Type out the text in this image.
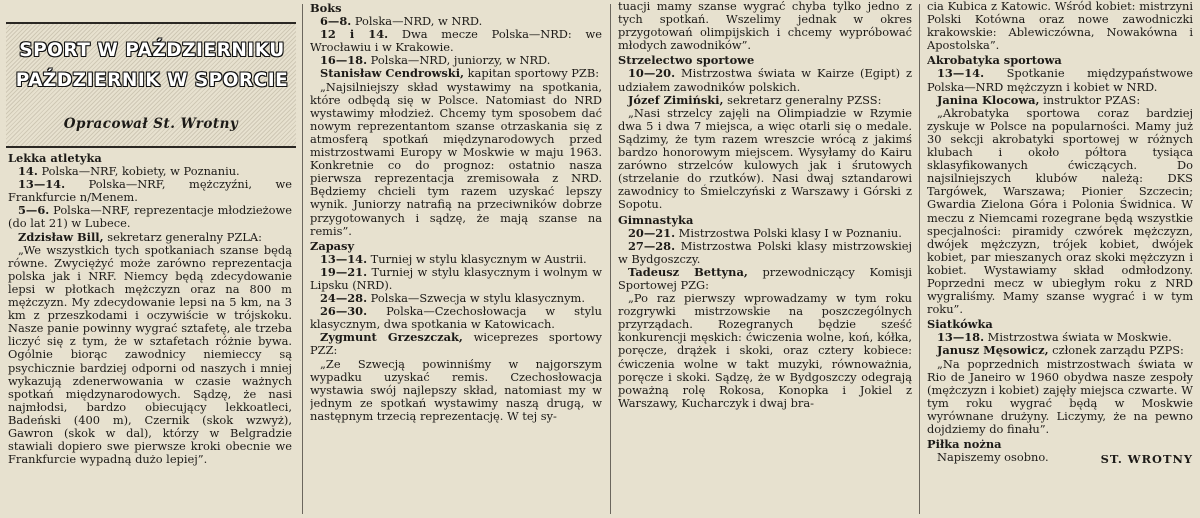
SPORT W PAŹDZIERNIKU
PAŹDZIERNIK W SPORCIE
Opracował St. Wrotny
Lekka atletyka

14. Polska—NRF, kobiety, w Poznaniu.

13—14. Polska—NRF, mężczyźni, we Frankfurcie n/Menem.

5—6. Polska—NRF, reprezentacje młodzieżowe (do lat 21) w Lubece.

Zdzisław Bill, sekretarz generalny PZLA:

„We wszystkich tych spotkaniach szanse będą równe. Zwyciężyć może zarówno reprezentacja polska jak i NRF. Niemcy będą zdecydowanie lepsi w płotkach mężczyzn oraz na 800 m mężczyzn. My zdecydowanie lepsi na 5 km, na 3 km z przeszkodami i oczywiście w trójskoku. Nasze panie powinny wygrać sztafetę, ale trzeba liczyć się z tym, że w sztafetach różnie bywa. Ogólnie biorąc zawodnicy niemieccy są psychicznie bardziej odporni od naszych i mniej wykazują zdenerwowania w czasie ważnych spotkań międzynarodowych. Sądzę, że nasi najmłodsi, bardzo obiecujący lekkoatleci, Badeński (400 m), Czernik (skok wzwyż), Gawron (skok w dal), którzy w Belgradzie stawiali dopiero swe pierwsze kroki obecnie we Frankfurcie wypadną dużo lepiej”.

Boks

6—8. Polska—NRD, w NRD.

12 i 14. Dwa mecze Polska—NRD: we Wrocławiu i w Krakowie.

16—18. Polska—NRD, juniorzy, w NRD.

Stanisław Cendrowski, kapitan sportowy PZB:

„Najsilniejszy skład wystawimy na spotkania, które odbędą się w Polsce. Natomiast do NRD wystawimy młodzież. Chcemy tym sposobem dać nowym reprezentantom szanse otrzaskania się z atmosferą spotkań międzynarodowych przed mistrzostwami Europy w Moskwie w maju 1963. Konkretnie co do prognoz: ostatnio nasza pierwsza reprezentacja zremisowała z NRD. Będziemy chcieli tym razem uzyskać lepszy wynik. Juniorzy natrafią na przeciwników dobrze przygotowanych i sądzę, że mają szanse na remis”.

Zapasy

13—14. Turniej w stylu klasycznym w Austrii.

19—21. Turniej w stylu klasycznym i wolnym w Lipsku (NRD).

24—28. Polska—Szwecja w stylu klasycznym.

26—30. Polska—Czechosłowacja w stylu klasycznym, dwa spotkania w Katowicach.

Zygmunt Grzeszczak, wiceprezes sportowy PZZ:

„Ze Szwecją powinniśmy w najgorszym wypadku uzyskać remis. Czechosłowacja wystawia swój najlepszy skład, natomiast my w jednym ze spotkań wystawimy naszą drugą, w następnym trzecią reprezentację. W tej sy-

tuacji mamy szanse wygrać chyba tylko jedno z tych spotkań. Wszelimy jednak w okres przygotowań olimpijskich i chcemy wypróbować młodych zawodników”.

Strzelectwo sportowe

10—20. Mistrzostwa świata w Kairze (Egipt) z udziałem zawodników polskich.

Józef Zimiński, sekretarz generalny PZSS:

„Nasi strzelcy zajęli na Olimpiadzie w Rzymie dwa 5 i dwa 7 miejsca, a więc otarli się o medale. Sądzimy, że tym razem wreszcie wrócą z jakimś bardzo honorowym miejscem. Wysyłamy do Kairu zarówno strzelców kulowych jak i śrutowych (strzelanie do rzutków). Nasi dwaj sztandarowi zawodnicy to Śmielczyński z Warszawy i Górski z Sopotu.

Gimnastyka

20—21. Mistrzostwa Polski klasy I w Poznaniu.

27—28. Mistrzostwa Polski klasy mistrzowskiej w Bydgoszczy.

Tadeusz Bettyna, przewodniczący Komisji Sportowej PZG:

„Po raz pierwszy wprowadzamy w tym roku rozgrywki mistrzowskie na poszczególnych przyrządach. Rozegranych będzie sześć konkurencji męskich: ćwiczenia wolne, koń, kółka, poręcze, drążek i skoki, oraz cztery kobiece: ćwiczenia wolne w takt muzyki, równoważnia, poręcze i skoki. Sądzę, że w Bydgoszczy odegrają poważną rolę Rokosa, Konopka i Jokiel z Warszawy, Kucharczyk i dwaj bra-

cia Kubica z Katowic. Wśród kobiet: mistrzyni Polski Kotówna oraz nowe zawodniczki krakowskie: Ablewiczówna, Nowakówna i Apostolska”.

Akrobatyka sportowa

13—14. Spotkanie międzypaństwowe Polska—NRD mężczyzn i kobiet w NRD.

Janina Klocowa, instruktor PZAS:

„Akrobatyka sportowa coraz bardziej zyskuje w Polsce na popularności. Mamy już 30 sekcji akrobatyki sportowej w różnych klubach i około półtora tysiąca sklasyfikowanych ćwiczących. Do najsilniejszych klubów należą: DKS Targówek, Warszawa; Pionier Szczecin; Gwardia Zielona Góra i Polonia Świdnica. W meczu z Niemcami rozegrane będą wszystkie specjalności: piramidy czwórek mężczyzn, dwójek mężczyzn, trójek kobiet, dwójek kobiet, par mieszanych oraz skoki mężczyzn i kobiet. Wystawiamy skład odmłodzony. Poprzedni mecz w ubiegłym roku z NRD wygraliśmy. Mamy szanse wygrać i w tym roku”.

Siatkówka

13—18. Mistrzostwa świata w Moskwie.

Janusz Męsowicz, członek zarządu PZPS:

„Na poprzednich mistrzostwach świata w Rio de Janeiro w 1960 obydwa nasze zespoły (mężczyzn i kobiet) zajęły miejsca czwarte. W tym roku wygrać będą w Moskwie wyrównane drużyny. Liczymy, że na pewno dojdziemy do finału”.

Piłka nożna
Napiszemy osobno.	ST. WROTNY
